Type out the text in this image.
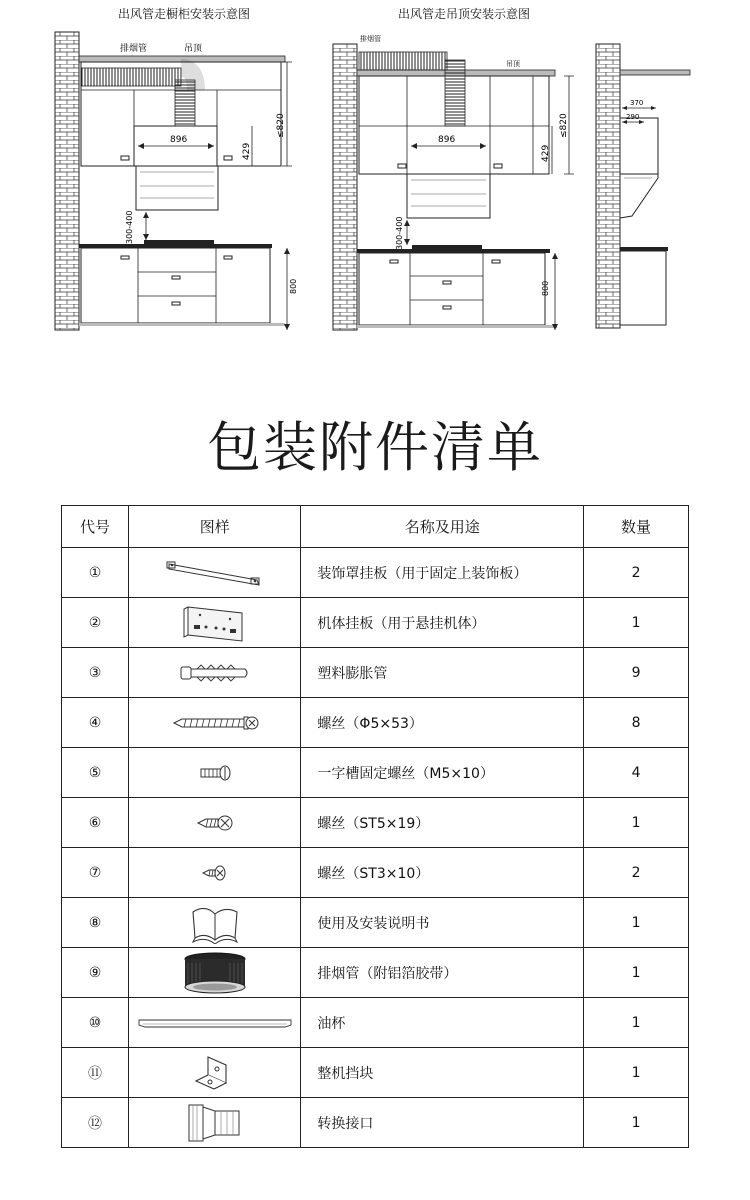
出风管走橱柜安装示意图	出风管走吊顶安装示意图
排烟管	吊顶
896
≤820
429
300-400
800
排烟管
吊顶
896
≤820
429
300-400
800
370
290
包装附件清单
代号	图样	名称及用途	数量
①		装饰罩挂板（用于固定上装饰板）	2
②		机体挂板（用于悬挂机体）	1
③		塑料膨胀管	9
④		螺丝（Φ5×53）	8
⑤		一字槽固定螺丝（M5×10）	4
⑥		螺丝（ST5×19）	1
⑦		螺丝（ST3×10）	2
⑧		使用及安装说明书	1
⑨		排烟管（附铝箔胶带）	1
⑩		油杯	1
⑪		整机挡块	1
⑫		转换接口	1
